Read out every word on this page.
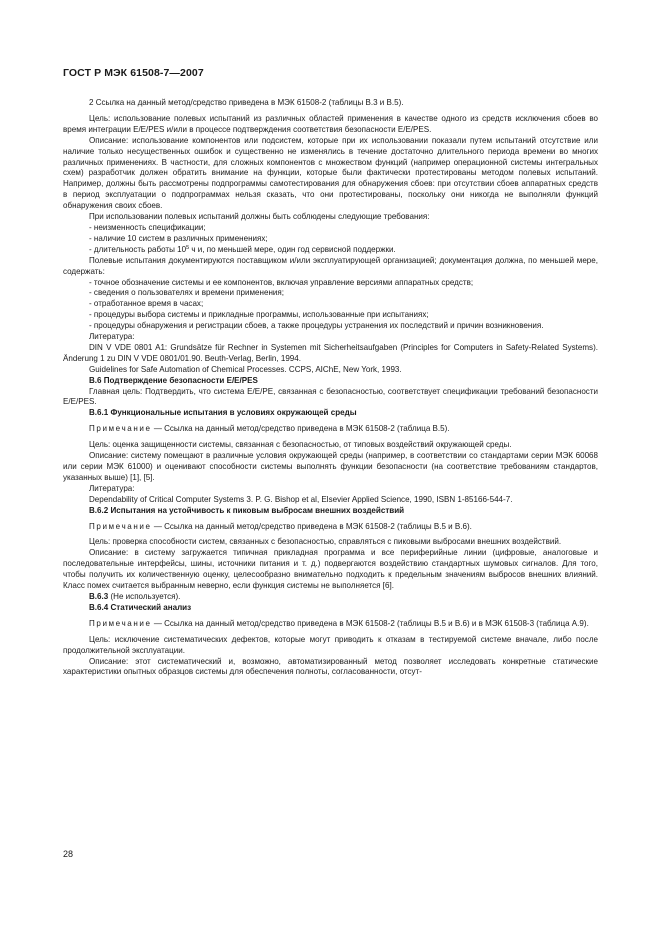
ГОСТ Р МЭК 61508-7—2007

2 Ссылка на данный метод/средство приведена в МЭК 61508-2 (таблицы В.3 и В.5).

Цель: использование полевых испытаний из различных областей применения в качестве одного из средств исключения сбоев во время интеграции E/E/PES и/или в процессе подтверждения соответствия безопасности E/E/PES.

Описание: использование компонентов или подсистем, которые при их использовании показали путем испытаний отсутствие или наличие только несущественных ошибок и существенно не изменялись в течение достаточно длительного периода времени во многих различных применениях. В частности, для сложных компонентов с множеством функций (например операционной системы интегральных схем) разработчик должен обратить внимание на функции, которые были фактически протестированы методом полевых испытаний. Например, должны быть рассмотрены подпрограммы самотестирования для обнаружения сбоев: при отсутствии сбоев аппаратных средств в период эксплуатации о подпрограммах нельзя сказать, что они протестированы, поскольку они никогда не выполняли функций обнаружения своих сбоев.

При использовании полевых испытаний должны быть соблюдены следующие требования:

- неизменность спецификации;

- наличие 10 систем в различных применениях;

- длительность работы $10^5$ ч и, по меньшей мере, один год сервисной поддержки.

Полевые испытания документируются поставщиком и/или эксплуатирующей организацией; документация должна, по меньшей мере, содержать:

- точное обозначение системы и ее компонентов, включая управление версиями аппаратных средств;

- сведения о пользователях и времени применения;

- отработанное время в часах;

- процедуры выбора системы и прикладные программы, использованные при испытаниях;

- процедуры обнаружения и регистрации сбоев, а также процедуры устранения их последствий и причин возникновения.

Литература:

DIN V VDE 0801 A1: Grundsätze für Rechner in Systemen mit Sicherheitsaufgaben (Principles for Computers in Safety-Related Systems). Änderung 1 zu DIN V VDE 0801/01.90. Beuth-Verlag, Berlin, 1994.

Guidelines for Safe Automation of Chemical Processes. CCPS, AIChE, New York, 1993.

В.6 Подтверждение безопасности E/E/PES

Главная цель: Подтвердить, что система E/E/PE, связанная с безопасностью, соответствует спецификации требований безопасности E/E/PES.

В.6.1 Функциональные испытания в условиях окружающей среды

Примечание — Ссылка на данный метод/средство приведена в МЭК 61508-2 (таблица В.5).

Цель: оценка защищенности системы, связанная с безопасностью, от типовых воздействий окружающей среды.

Описание: систему помещают в различные условия окружающей среды (например, в соответствии со стандартами серии МЭК 60068 или серии МЭК 61000) и оценивают способности системы выполнять функции безопасности (на соответствие требованиям стандартов, указанных выше) [1], [5].

Литература:

Dependability of Critical Computer Systems 3. P. G. Bishop et al, Elsevier Applied Science, 1990, ISBN 1-85166-544-7.

В.6.2 Испытания на устойчивость к пиковым выбросам внешних воздействий

Примечание — Ссылка на данный метод/средство приведена в МЭК 61508-2 (таблицы В.5 и В.6).

Цель: проверка способности систем, связанных с безопасностью, справляться с пиковыми выбросами внешних воздействий.

Описание: в систему загружается типичная прикладная программа и все периферийные линии (цифровые, аналоговые и последовательные интерфейсы, шины, источники питания и т. д.) подвергаются воздействию стандартных шумовых сигналов. Для того, чтобы получить их количественную оценку, целесообразно внимательно подходить к предельным значениям выбросов внешних влияний. Класс помех считается выбранным неверно, если функция системы не выполняется [6].

В.6.3 (Не используется).

В.6.4 Статический анализ

Примечание — Ссылка на данный метод/средство приведена в МЭК 61508-2 (таблицы В.5 и В.6) и в МЭК 61508-3 (таблица А.9).

Цель: исключение систематических дефектов, которые могут приводить к отказам в тестируемой системе вначале, либо после продолжительной эксплуатации.

Описание: этот систематический и, возможно, автоматизированный метод позволяет исследовать конкретные статические характеристики опытных образцов системы для обеспечения полноты, согласованности, отсут-

28
